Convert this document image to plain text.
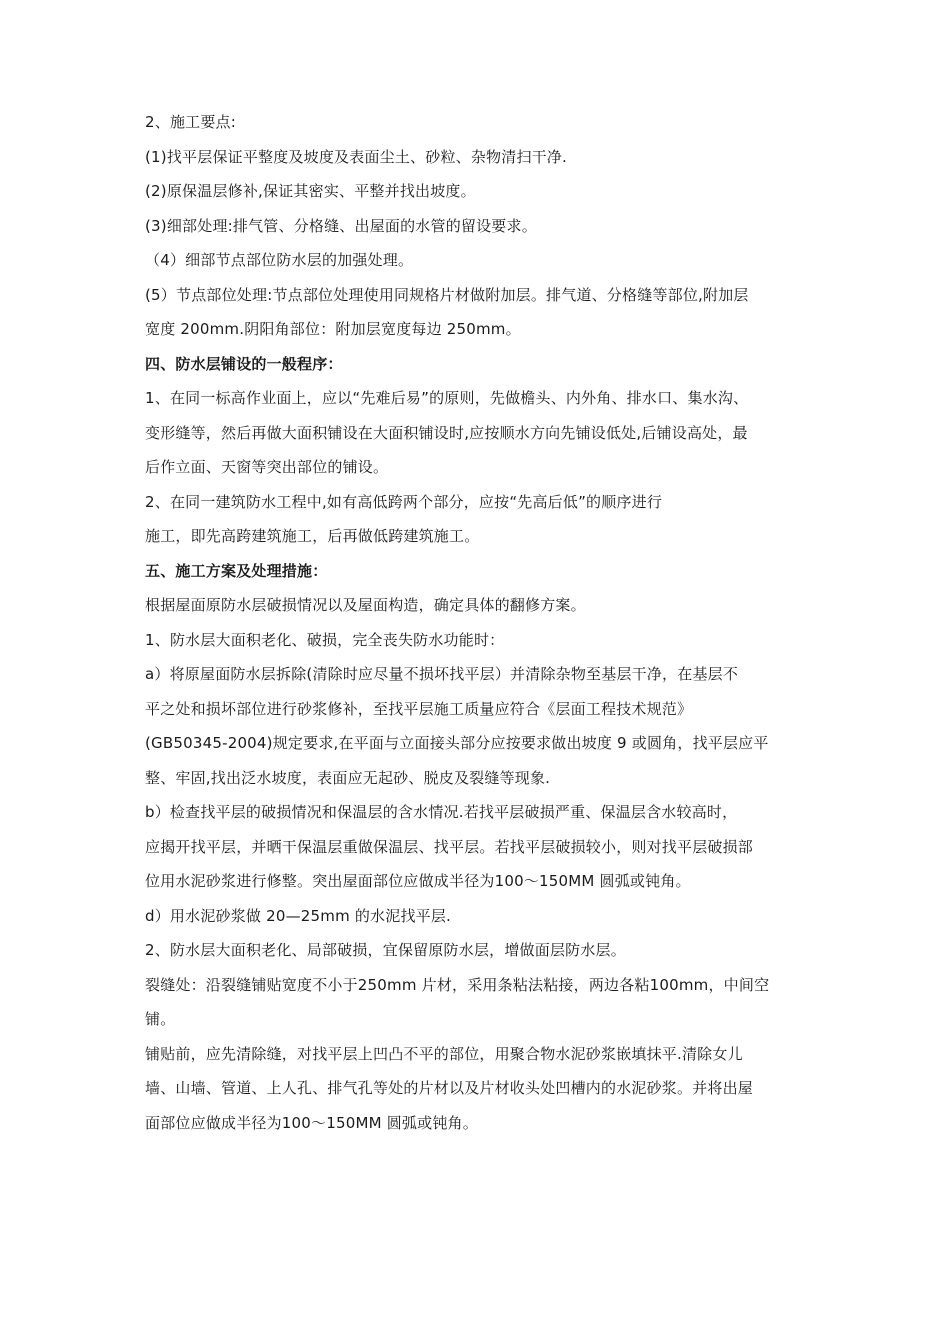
2、施工要点:
(1)找平层保证平整度及坡度及表面尘土、砂粒、杂物清扫干净.
(2)原保温层修补,保证其密实、平整并找出坡度。
(3)细部处理:排气管、分格缝、出屋面的水管的留设要求。
（4）细部节点部位防水层的加强处理。
(5）节点部位处理:节点部位处理使用同规格片材做附加层。排气道、分格缝等部位,附加层
宽度 200mm.阴阳角部位：附加层宽度每边 250mm。
四、防水层铺设的一般程序：
1、在同一标高作业面上，应以“先难后易”的原则，先做檐头、内外角、排水口、集水沟、
变形缝等，然后再做大面积铺设在大面积铺设时,应按顺水方向先铺设低处,后铺设高处，最
后作立面、天窗等突出部位的铺设。
2、在同一建筑防水工程中,如有高低跨两个部分，应按“先高后低”的顺序进行
施工，即先高跨建筑施工，后再做低跨建筑施工。
五、施工方案及处理措施：
根据屋面原防水层破损情况以及屋面构造，确定具体的翻修方案。
1、防水层大面积老化、破损，完全丧失防水功能时：
a）将原屋面防水层拆除(清除时应尽量不损坏找平层）并清除杂物至基层干净，在基层不
平之处和损坏部位进行砂浆修补，至找平层施工质量应符合《层面工程技术规范》
(GB50345-2004)规定要求,在平面与立面接头部分应按要求做出坡度 9 或圆角，找平层应平
整、牢固,找出泛水坡度，表面应无起砂、脱皮及裂缝等现象.
b）检查找平层的破损情况和保温层的含水情况.若找平层破损严重、保温层含水较高时，
应揭开找平层，并晒干保温层重做保温层、找平层。若找平层破损较小，则对找平层破损部
位用水泥砂浆进行修整。突出屋面部位应做成半径为100～150MM 圆弧或钝角。
d）用水泥砂浆做 20—25mm 的水泥找平层.
2、防水层大面积老化、局部破损，宜保留原防水层，增做面层防水层。
裂缝处：沿裂缝铺贴宽度不小于250mm 片材，采用条粘法粘接，两边各粘100mm，中间空
铺。
铺贴前，应先清除缝，对找平层上凹凸不平的部位，用聚合物水泥砂浆嵌填抹平.清除女儿
墙、山墙、管道、上人孔、排气孔等处的片材以及片材收头处凹槽内的水泥砂浆。并将出屋
面部位应做成半径为100～150MM 圆弧或钝角。
